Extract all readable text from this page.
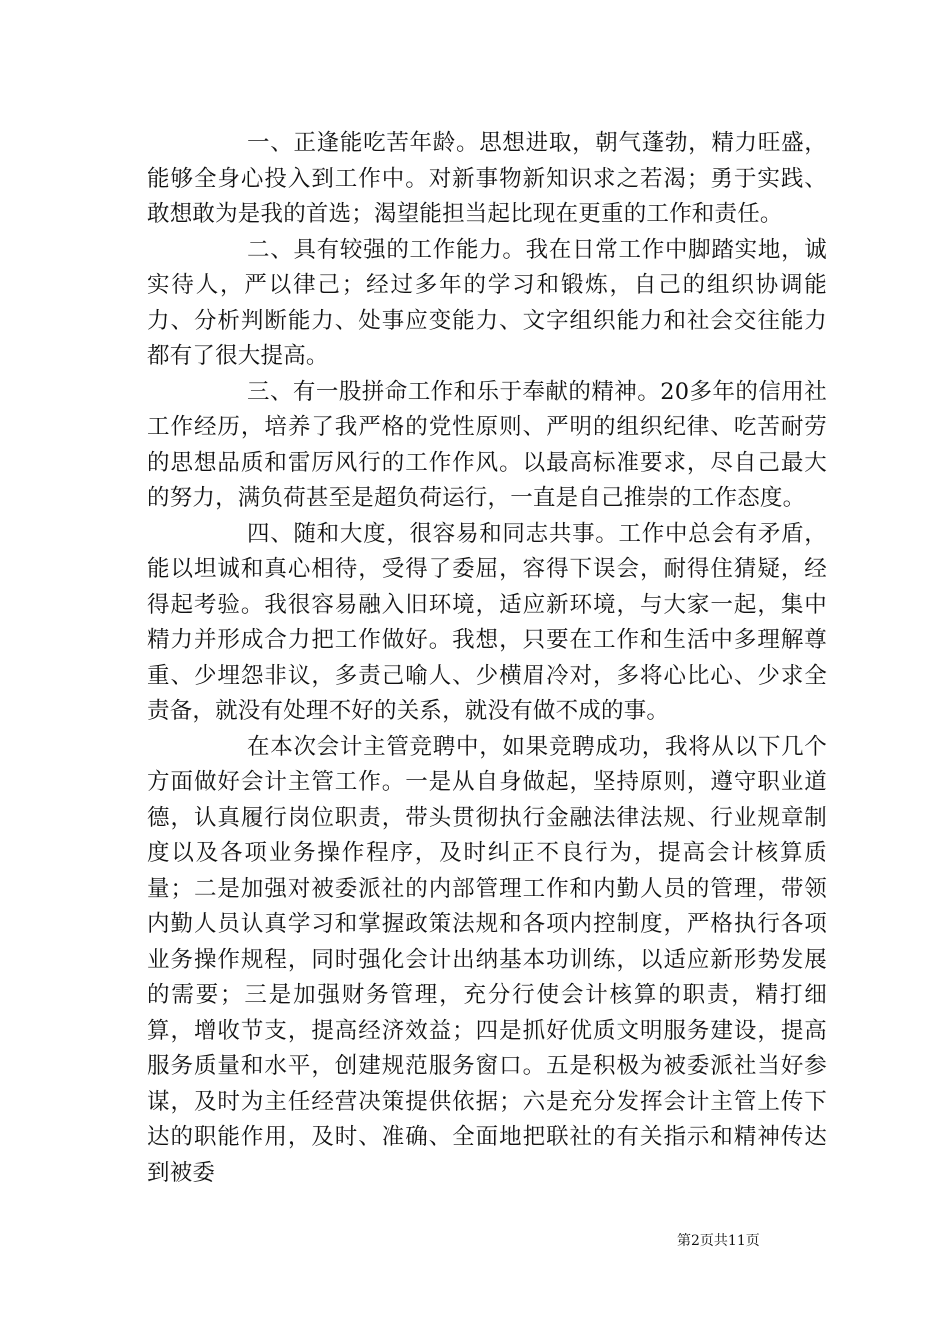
一、正逢能吃苦年龄。思想进取，朝气蓬勃，精力旺盛，能够全身心投入到工作中。对新事物新知识求之若渴；勇于实践、敢想敢为是我的首选；渴望能担当起比现在更重的工作和责任。

二、具有较强的工作能力。我在日常工作中脚踏实地，诚实待人，严以律己；经过多年的学习和锻炼，自己的组织协调能力、分析判断能力、处事应变能力、文字组织能力和社会交往能力都有了很大提高。

三、有一股拼命工作和乐于奉献的精神。20多年的信用社工作经历，培养了我严格的党性原则、严明的组织纪律、吃苦耐劳的思想品质和雷厉风行的工作作风。以最高标准要求，尽自己最大的努力，满负荷甚至是超负荷运行，一直是自己推崇的工作态度。

四、随和大度，很容易和同志共事。工作中总会有矛盾，能以坦诚和真心相待，受得了委屈，容得下误会，耐得住猜疑，经得起考验。我很容易融入旧环境，适应新环境，与大家一起，集中精力并形成合力把工作做好。我想，只要在工作和生活中多理解尊重、少埋怨非议，多责己喻人、少横眉冷对，多将心比心、少求全责备，就没有处理不好的关系，就没有做不成的事。

在本次会计主管竞聘中，如果竞聘成功，我将从以下几个方面做好会计主管工作。一是从自身做起，坚持原则，遵守职业道德，认真履行岗位职责，带头贯彻执行金融法律法规、行业规章制度以及各项业务操作程序，及时纠正不良行为，提高会计核算质量；二是加强对被委派社的内部管理工作和内勤人员的管理，带领内勤人员认真学习和掌握政策法规和各项内控制度，严格执行各项业务操作规程，同时强化会计出纳基本功训练，以适应新形势发展的需要；三是加强财务管理，充分行使会计核算的职责，精打细算，增收节支，提高经济效益；四是抓好优质文明服务建设，提高服务质量和水平，创建规范服务窗口。五是积极为被委派社当好参谋，及时为主任经营决策提供依据；六是充分发挥会计主管上传下达的职能作用，及时、准确、全面地把联社的有关指示和精神传达到被委

第2页共11页
